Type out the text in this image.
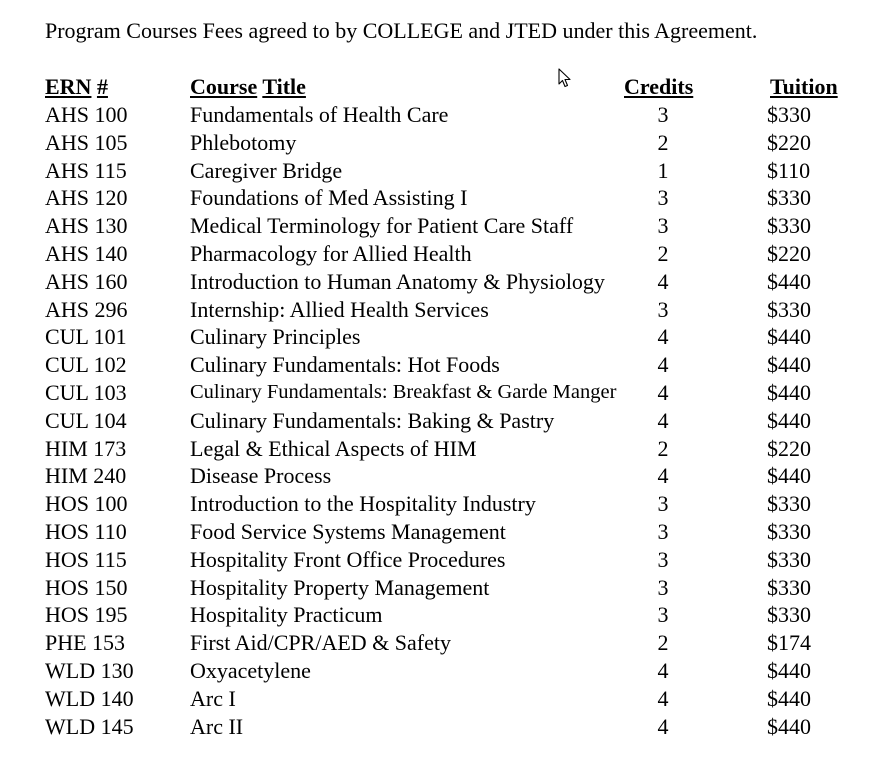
Program Courses Fees agreed to by COLLEGE and JTED under this Agreement.
ERN #	Course Title	Credits	Tuition
AHS 100	Fundamentals of Health Care	3	$330
AHS 105	Phlebotomy	2	$220
AHS 115	Caregiver Bridge	1	$110
AHS 120	Foundations of Med Assisting I	3	$330
AHS 130	Medical Terminology for Patient Care Staff	3	$330
AHS 140	Pharmacology for Allied Health	2	$220
AHS 160	Introduction to Human Anatomy & Physiology	4	$440
AHS 296	Internship: Allied Health Services	3	$330
CUL 101	Culinary Principles	4	$440
CUL 102	Culinary Fundamentals: Hot Foods	4	$440
CUL 103	Culinary Fundamentals: Breakfast & Garde Manger	4	$440
CUL 104	Culinary Fundamentals: Baking & Pastry	4	$440
HIM 173	Legal & Ethical Aspects of HIM	2	$220
HIM 240	Disease Process	4	$440
HOS 100	Introduction to the Hospitality Industry	3	$330
HOS 110	Food Service Systems Management	3	$330
HOS 115	Hospitality Front Office Procedures	3	$330
HOS 150	Hospitality Property Management	3	$330
HOS 195	Hospitality Practicum	3	$330
PHE 153	First Aid/CPR/AED & Safety	2	$174
WLD 130	Oxyacetylene	4	$440
WLD 140	Arc I	4	$440
WLD 145	Arc II	4	$440
